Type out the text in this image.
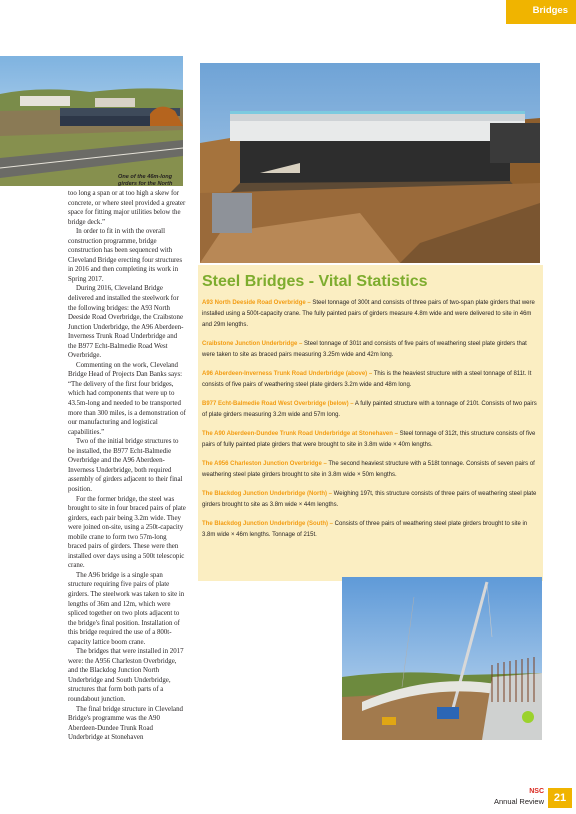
Bridges
One of the 46m-long girders for the North

too long a span or at too high a skew for concrete, or where steel provided a greater space for fitting major utilities below the bridge deck.”

In order to fit in with the overall construction programme, bridge construction has been sequenced with Cleveland Bridge erecting four structures in 2016 and then completing its work in Spring 2017.

During 2016, Cleveland Bridge delivered and installed the steelwork for the following bridges: the A93 North Deeside Road Overbridge, the Craibstone Junction Underbridge, the A96 Aberdeen-Inverness Trunk Road Underbridge and the B977 Echt-Balmedie Road West Overbridge.

Commenting on the work, Cleveland Bridge Head of Projects Dan Banks says: “The delivery of the first four bridges, which had components that were up to 43.5m-long and needed to be transported more than 300 miles, is a demonstration of our manufacturing and logistical capabilities.”

Two of the initial bridge structures to be installed, the B977 Echt-Balmedie Overbridge and the A96 Aberdeen-Inverness Underbridge, both required assembly of girders adjacent to their final position.

For the former bridge, the steel was brought to site in four braced pairs of plate girders, each pair being 3.2m wide. They were joined on-site, using a 250t-capacity mobile crane to form two 57m-long braced pairs of girders. These were then installed over days using a 500t telescopic crane.

The A96 bridge is a single span structure requiring five pairs of plate girders. The steelwork was taken to site in lengths of 36m and 12m, which were spliced together on two plots adjacent to the bridge's final position. Installation of this bridge required the use of a 800t-capacity lattice boom crane.

The bridges that were installed in 2017 were: the A956 Charleston Overbridge, and the Blackdog Junction North Underbridge and South Underbridge, structures that form both parts of a roundabout junction.

The final bridge structure in Cleveland Bridge's programme was the A90 Aberdeen-Dundee Trunk Road Underbridge at Stonehaven

Steel Bridges - Vital Statistics
A93 North Deeside Road Overbridge – Steel tonnage of 300t and consists of three pairs of two-span plate girders that were installed using a 500t-capacity crane. The fully painted pairs of girders measure 4.8m wide and were delivered to site in 46m and 29m lengths.
Craibstone Junction Underbridge – Steel tonnage of 301t and consists of five pairs of weathering steel plate girders that were taken to site as braced pairs measuring 3.25m wide and 42m long.
A96 Aberdeen-Inverness Trunk Road Underbridge (above) – This is the heaviest structure with a steel tonnage of 811t. It consists of five pairs of weathering steel plate girders 3.2m wide and 48m long.
B977 Echt-Balmedie Road West Overbridge (below) – A fully painted structure with a tonnage of 210t. Consists of two pairs of plate girders measuring 3.2m wide and 57m long.
The A90 Aberdeen-Dundee Trunk Road Underbridge at Stonehaven – Steel tonnage of 312t, this structure consists of five pairs of fully painted plate girders that were brought to site in 3.8m wide × 40m lengths.
The A956 Charleston Junction Overbridge – The second heaviest structure with a 518t tonnage. Consists of seven pairs of weathering steel plate girders brought to site in 3.8m wide × 50m lengths.
The Blackdog Junction Underbridge (North) – Weighing 197t, this structure consists of three pairs of weathering steel plate girders brought to site as 3.8m wide × 44m lengths.
The Blackdog Junction Underbridge (South) – Consists of three pairs of weathering steel plate girders brought to site in 3.8m wide × 46m lengths. Tonnage of 215t.
NSC
Annual Review 21
